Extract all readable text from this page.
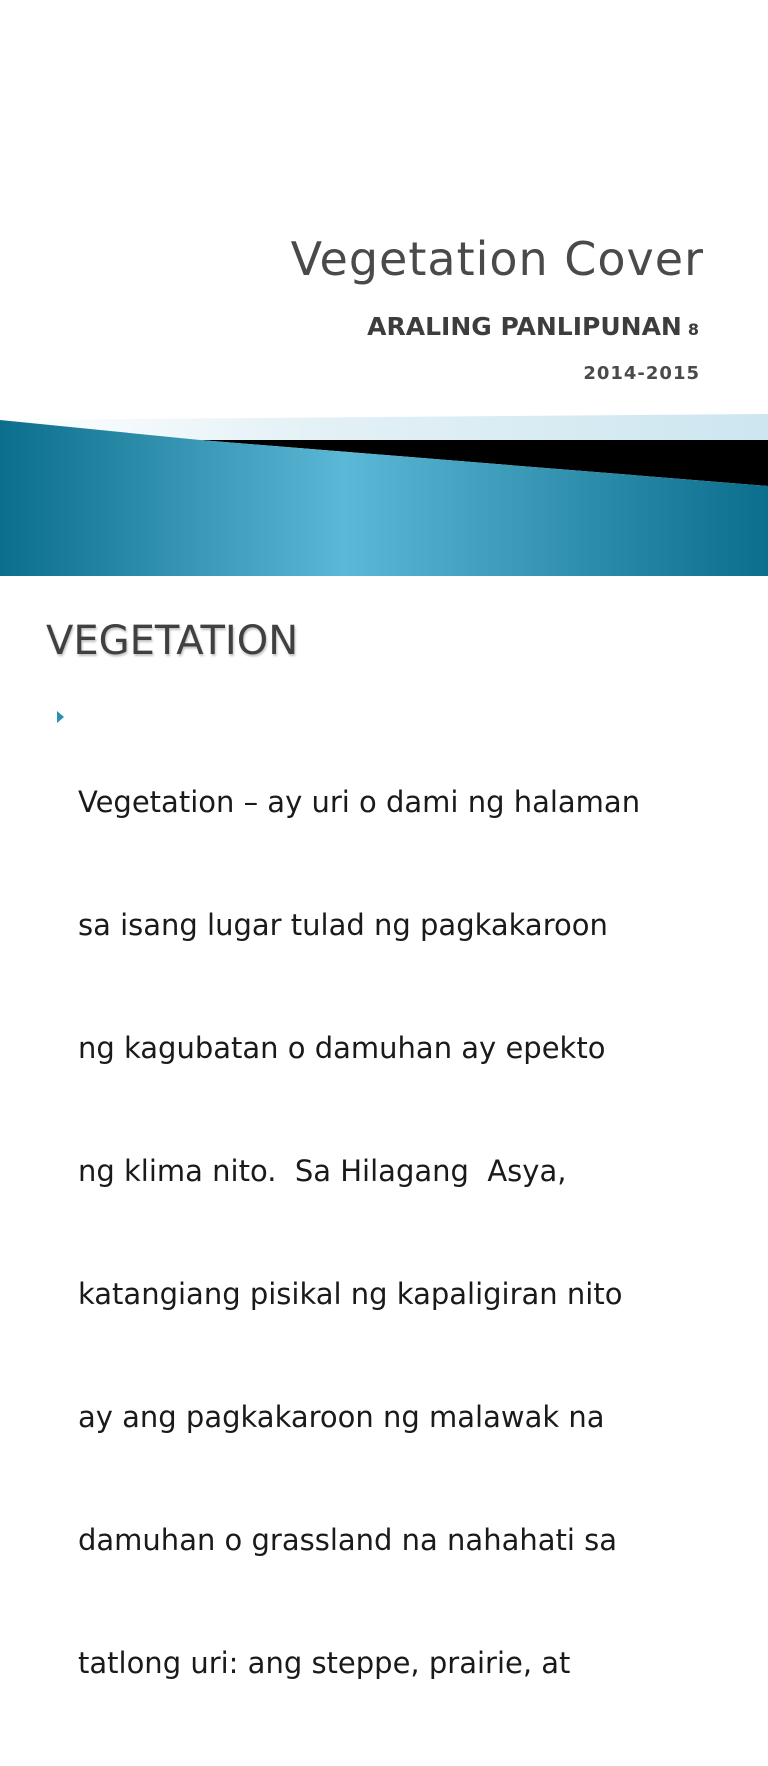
Vegetation Cover
ARALING PANLIPUNAN 8
2014-2015
VEGETATION

Vegetation – ay uri o dami ng halaman

sa isang lugar tulad ng pagkakaroon

ng kagubatan o damuhan ay epekto

ng klima nito.  Sa Hilagang  Asya,

katangiang pisikal ng kapaligiran nito

ay ang pagkakaroon ng malawak na

damuhan o grassland na nahahati sa

tatlong uri: ang steppe, prairie, at
